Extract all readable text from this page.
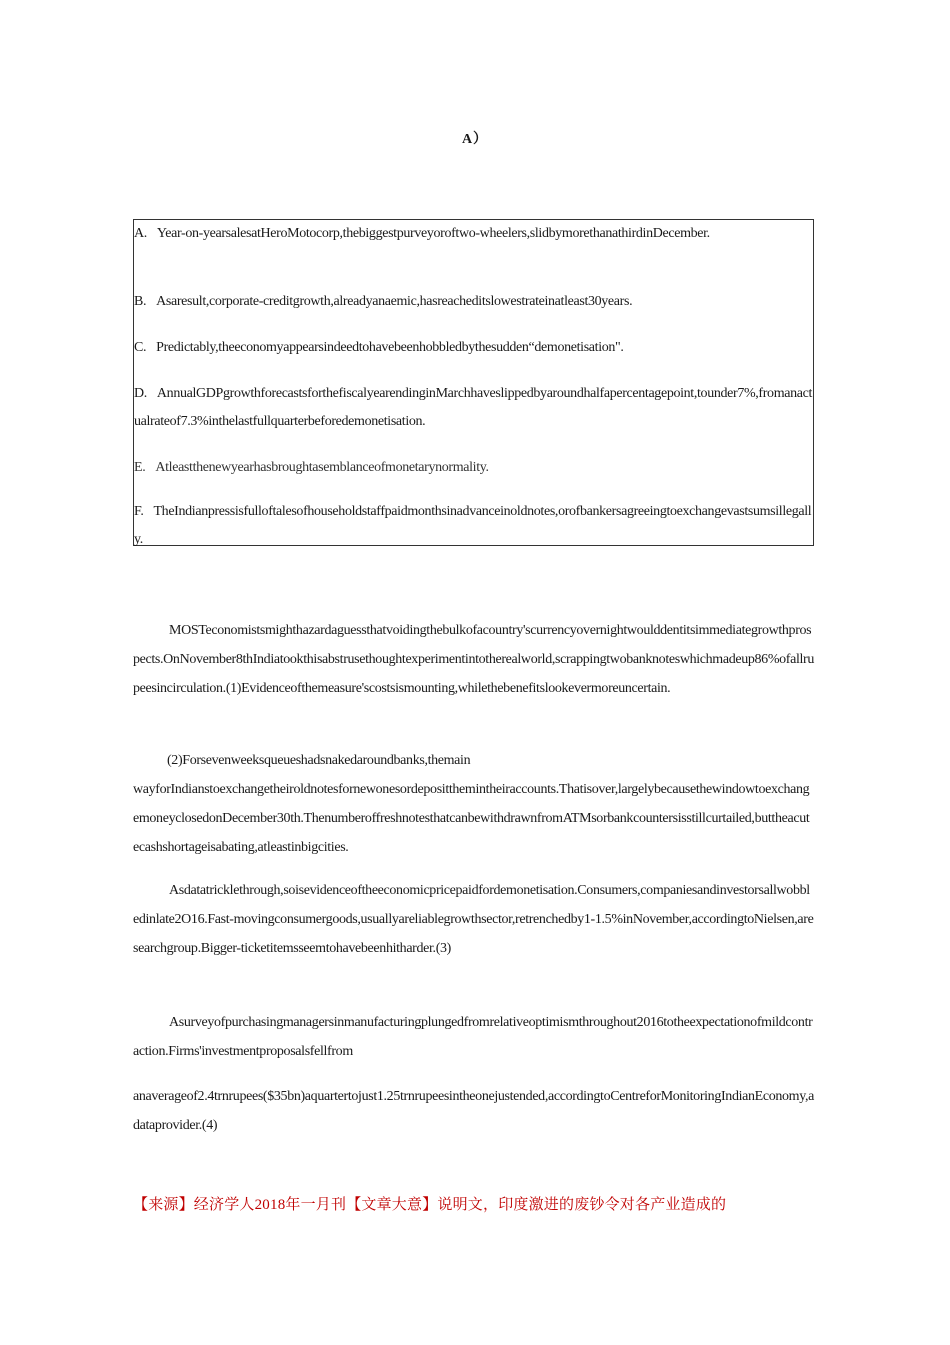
A）
A. Year-on-yearsalesatHeroMotocorp,thebiggestpurveyoroftwo-wheelers,slidbymorethanathirdinDecember.
B. Asaresult,corporate-creditgrowth,alreadyanaemic,hasreacheditslowestrateinatleast30years.
C. Predictably,theeconomyappearsindeedtohavebeenhobbledbythesudden“demonetisation".
D. AnnualGDPgrowthforecastsforthefiscalyearendinginMarchhaveslippedbyaroundhalfapercentagepoint,tounder7%,fromanactualrateof7.3%inthelastfullquarterbeforedemonetisation.
E. Atleastthenewyearhasbroughtasemblanceofmonetarynormality.
F. TheIndianpressisfulloftalesofhouseholdstaffpaidmonthsinadvanceinoldnotes,orofbankersagreeingtoexchangevastsumsillegally.
MOSTeconomistsmighthazardaguessthatvoidingthebulkofacountry'scurrencyovernightwoulddentitsimmediategrowthprospects.OnNovember8thIndiatookthisabstrusethoughtexperimentintotherealworld,scrappingtwobanknoteswhichmadeup86%ofallrupeesincirculation.(1)Evidenceofthemeasure'scostsismounting,whilethebenefitslookevermoreuncertain.
(2)Forsevenweeksqueueshadsnakedaroundbanks,themain
wayforIndianstoexchangetheiroldnotesfornewonesordeposittheminthеiraccounts.Thatisover,largelybecausethewindowtoexchangemoneyclosedonDecember30th.ThenumberoffreshnotesthatcanbewithdrawnfromATMsorbankcountersisstillcurtailed,buttheacutecashshortageisabating,atleastinbigcities.
Asdatatricklethrough,soisevidenceoftheeconomicpricepaidfordemonetisation.Consumers,companiesandinvestorsallwobbledinlate2O16.Fast-movingconsumergoods,usuallyareliablegrowthsector,retrenchedby1-1.5%inNovember,accordingtoNielsen,aresearchgroup.Bigger-ticketitemsseemtohavebeenhitharder.(3)
Asurveyofpurchasingmanagersinmanufacturingplungedfromrelativeoptimismthroughout2016totheexpectationofmildcontraction.Firms'investmentproposalsfellfrom
anaverageof2.4trnrupees($35bn)aquartertojust1.25trnrupeesintheonejustended,accordingtoCentreforMonitoringIndianEconomy,adataprovider.(4)
【来源】经济学人2018年一月刊【文章大意】说明文，印度激进的废钞令对各产业造成的
